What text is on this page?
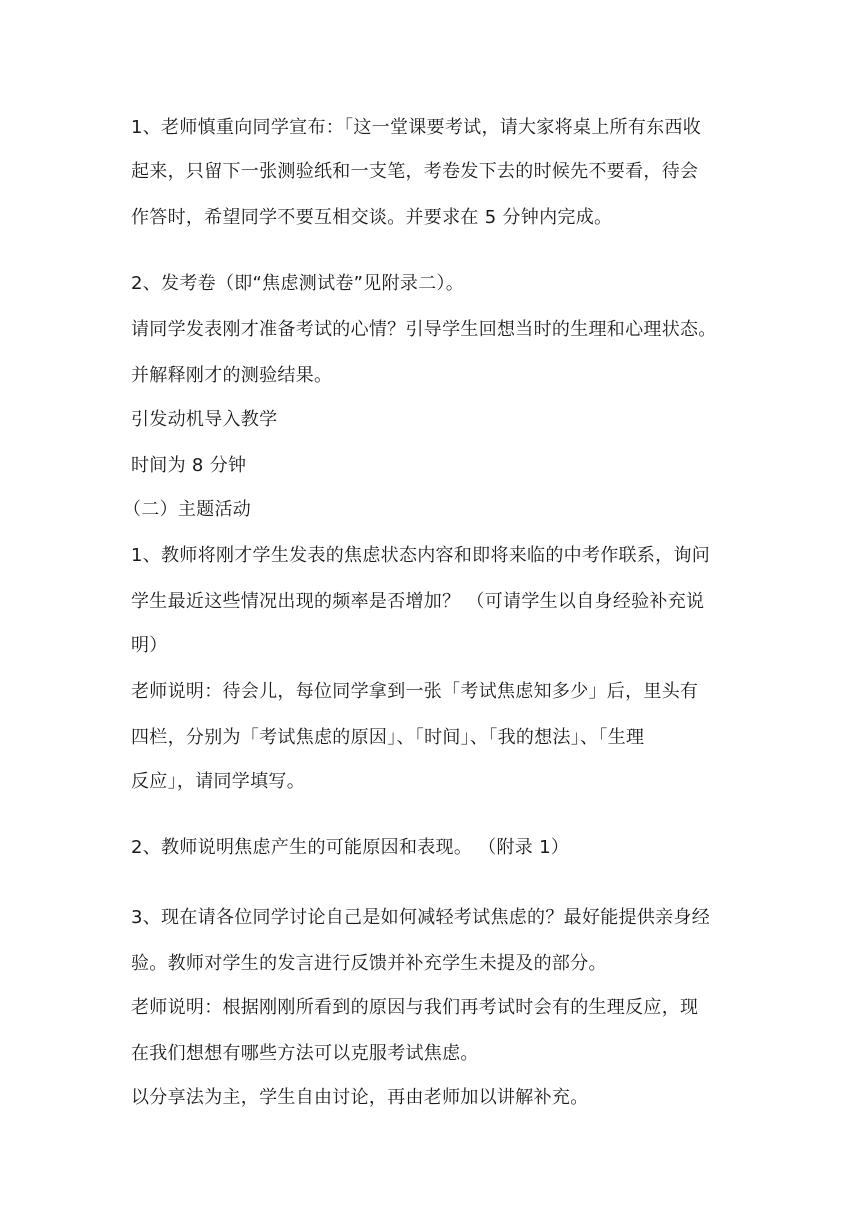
1、老师慎重向同学宣布：「这一堂课要考试，请大家将桌上所有东西收
起来，只留下一张测验纸和一支笔，考卷发下去的时候先不要看，待会
作答时，希望同学不要互相交谈。并要求在 5 分钟内完成。
2、发考卷（即“焦虑测试卷”见附录二）。
请同学发表刚才准备考试的心情？引导学生回想当时的生理和心理状态。
并解释刚才的测验结果。
引发动机导入教学
时间为 8 分钟
（二）主题活动
1、教师将刚才学生发表的焦虑状态内容和即将来临的中考作联系，询问
学生最近这些情况出现的频率是否增加？ （可请学生以自身经验补充说
明）
老师说明：待会儿，每位同学拿到一张「考试焦虑知多少」后，里头有
四栏，分别为「考试焦虑的原因」、「时间」、「我的想法」、「生理
反应」，请同学填写。
2、教师说明焦虑产生的可能原因和表现。 （附录 1）
3、现在请各位同学讨论自己是如何减轻考试焦虑的？最好能提供亲身经
验。教师对学生的发言进行反馈并补充学生未提及的部分。
老师说明：根据刚刚所看到的原因与我们再考试时会有的生理反应，现
在我们想想有哪些方法可以克服考试焦虑。
以分享法为主，学生自由讨论，再由老师加以讲解补充。
